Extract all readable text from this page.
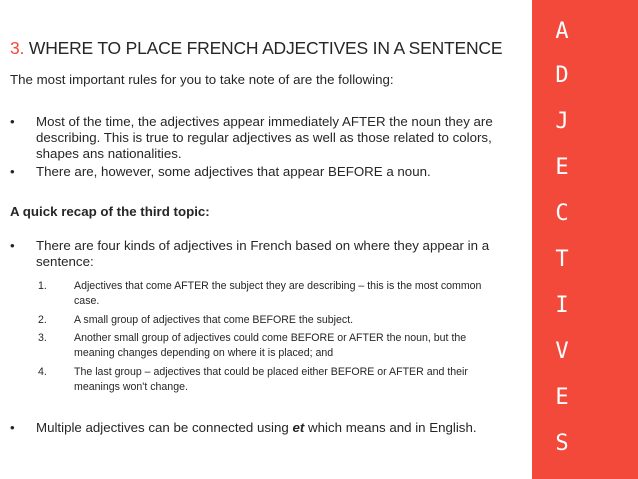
3. WHERE TO PLACE FRENCH ADJECTIVES IN A SENTENCE
The most important rules for you to take note of are the following:
• Most of the time, the adjectives appear immediately AFTER the noun they are describing. This is true to regular adjectives as well as those related to colors, shapes ans nationalities.
• There are, however, some adjectives that appear BEFORE a noun.
A quick recap of the third topic:
• There are four kinds of adjectives in French based on where they appear in a sentence:
1.	Adjectives that come AFTER the subject they are describing – this is the most common case.
2.	A small group of adjectives that come BEFORE the subject.
3.	Another small group of adjectives could come BEFORE or AFTER the noun, but the meaning changes depending on where it is placed; and
4.	The last group – adjectives that could be placed either BEFORE or AFTER and their meanings won't change.
• Multiple adjectives can be connected using et which means and in English.
A
D
J
E
C
T
I
V
E
S
